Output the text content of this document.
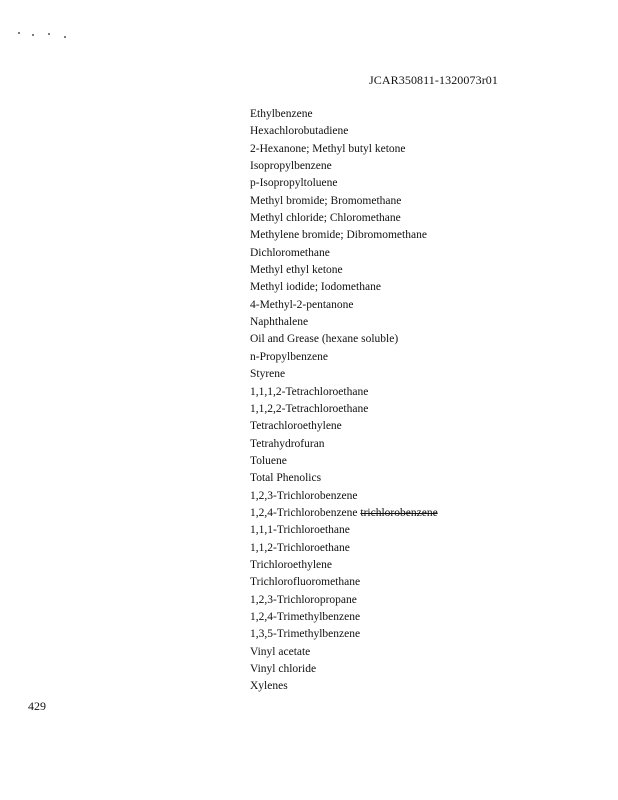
JCAR350811-1320073r01
Ethylbenzene
Hexachlorobutadiene
2-Hexanone; Methyl butyl ketone
Isopropylbenzene
p-Isopropyltoluene
Methyl bromide; Bromomethane
Methyl chloride; Chloromethane
Methylene bromide; Dibromomethane
Dichloromethane
Methyl ethyl ketone
Methyl iodide; Iodomethane
4-Methyl-2-pentanone
Naphthalene
Oil and Grease (hexane soluble)
n-Propylbenzene
Styrene
1,1,1,2-Tetrachloroethane
1,1,2,2-Tetrachloroethane
Tetrachloroethylene
Tetrahydrofuran
Toluene
Total Phenolics
1,2,3-Trichlorobenzene
1,2,4-Trichlorobenzene trichlorobenzene
1,1,1-Trichloroethane
1,1,2-Trichloroethane
Trichloroethylene
Trichlorofluoromethane
1,2,3-Trichloropropane
1,2,4-Trimethylbenzene
1,3,5-Trimethylbenzene
Vinyl acetate
Vinyl chloride
Xylenes
429
